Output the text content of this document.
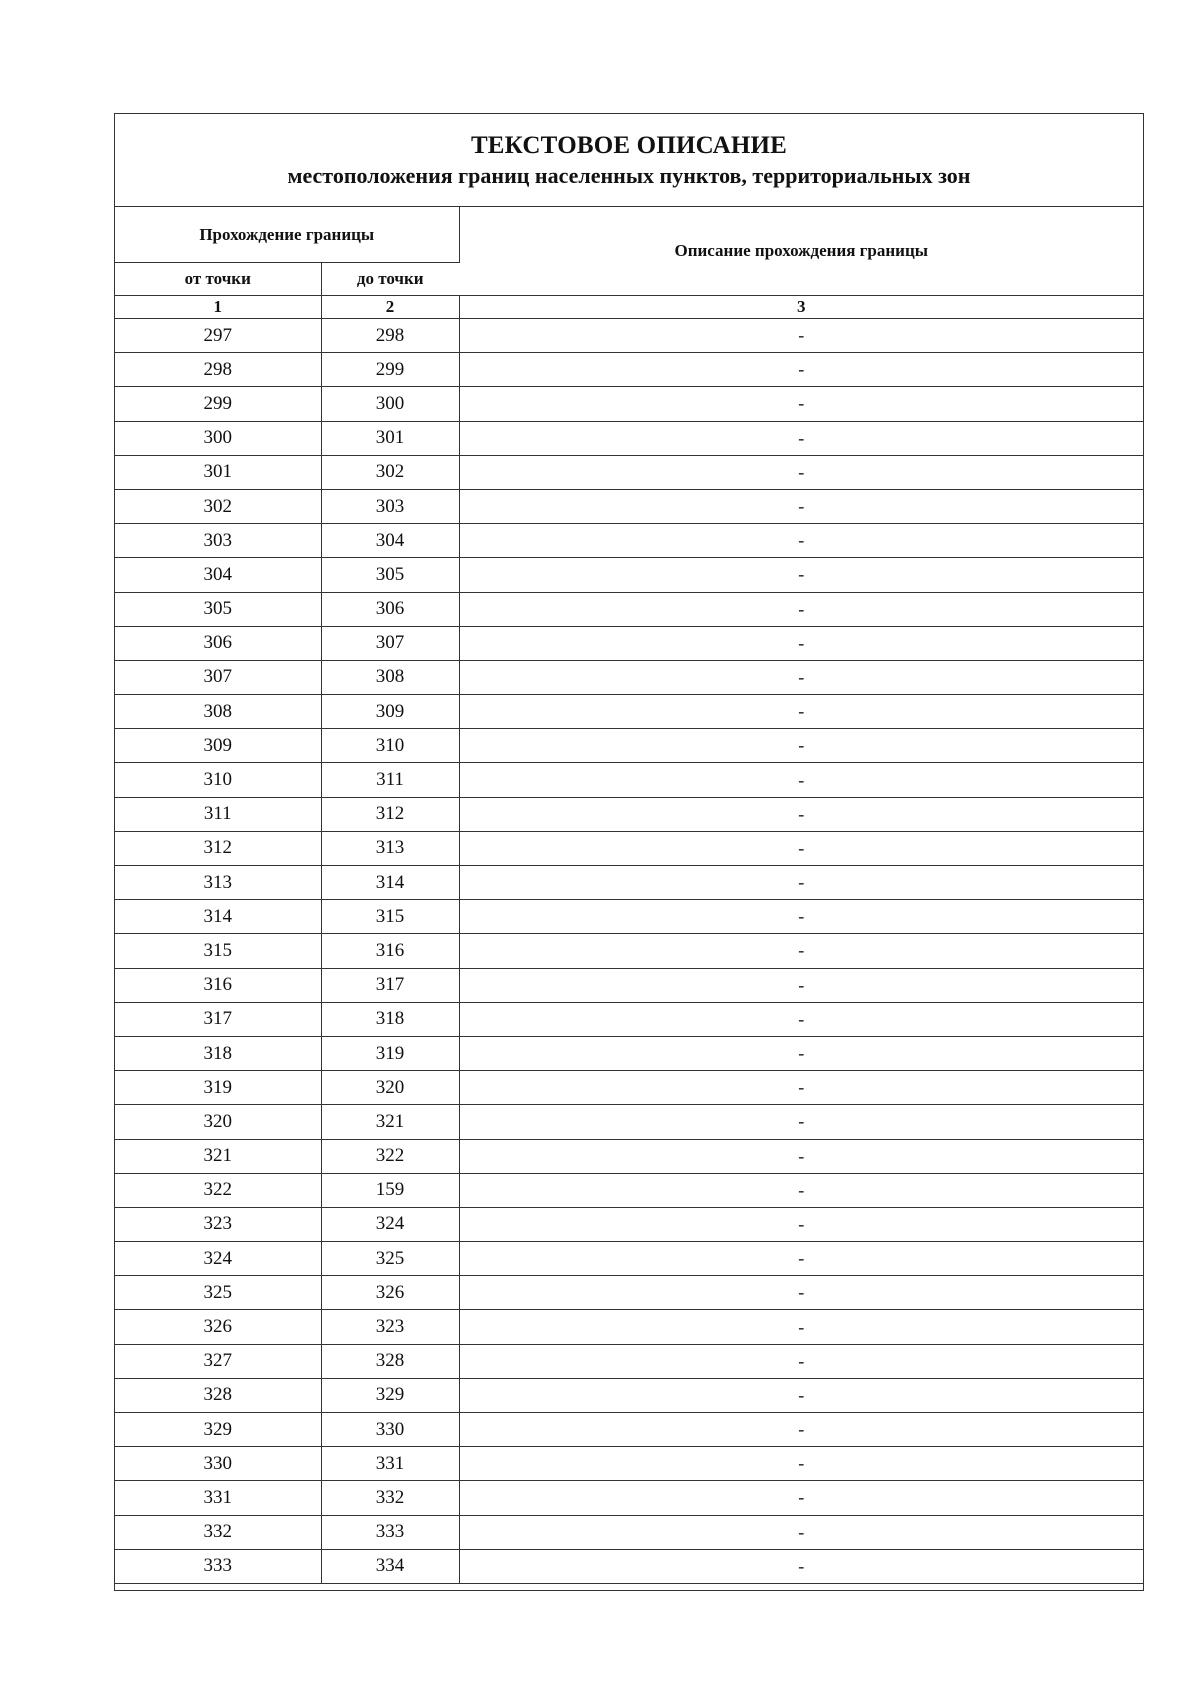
ТЕКСТОВОЕ ОПИСАНИЕ
местоположения границ населенных пунктов, территориальных зон
Прохождение границы		Описание прохождения границы
от точки	до точки	
1	2	3
297	298	-
298	299	-
299	300	-
300	301	-
301	302	-
302	303	-
303	304	-
304	305	-
305	306	-
306	307	-
307	308	-
308	309	-
309	310	-
310	311	-
311	312	-
312	313	-
313	314	-
314	315	-
315	316	-
316	317	-
317	318	-
318	319	-
319	320	-
320	321	-
321	322	-
322	159	-
323	324	-
324	325	-
325	326	-
326	323	-
327	328	-
328	329	-
329	330	-
330	331	-
331	332	-
332	333	-
333	334	-
